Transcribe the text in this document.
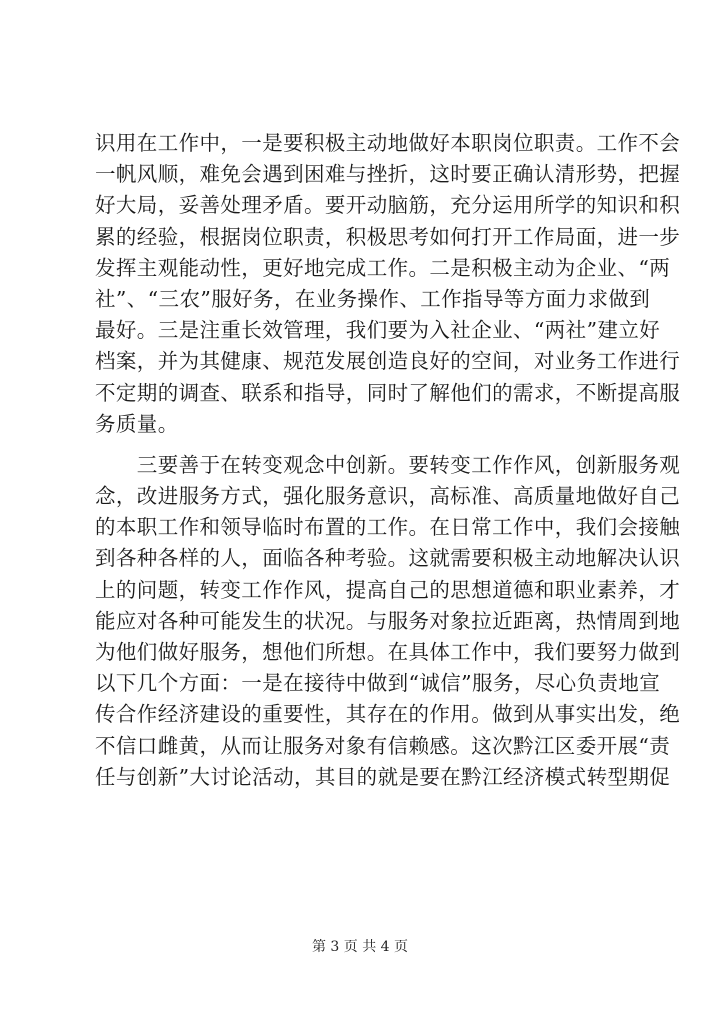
识用在工作中，一是要积极主动地做好本职岗位职责。工作不会
一帆风顺，难免会遇到困难与挫折，这时要正确认清形势，把握
好大局，妥善处理矛盾。要开动脑筋，充分运用所学的知识和积
累的经验，根据岗位职责，积极思考如何打开工作局面，进一步
发挥主观能动性，更好地完成工作。二是积极主动为企业、“两
社”、“三农”服好务，在业务操作、工作指导等方面力求做到
最好。三是注重长效管理，我们要为入社企业、“两社”建立好
档案，并为其健康、规范发展创造良好的空间，对业务工作进行
不定期的调查、联系和指导，同时了解他们的需求，不断提高服
务质量。
　　三要善于在转变观念中创新。要转变工作作风，创新服务观
念，改进服务方式，强化服务意识，高标准、高质量地做好自己
的本职工作和领导临时布置的工作。在日常工作中，我们会接触
到各种各样的人，面临各种考验。这就需要积极主动地解决认识
上的问题，转变工作作风，提高自己的思想道德和职业素养，才
能应对各种可能发生的状况。与服务对象拉近距离，热情周到地
为他们做好服务，想他们所想。在具体工作中，我们要努力做到
以下几个方面：一是在接待中做到“诚信”服务，尽心负责地宣
传合作经济建设的重要性，其存在的作用。做到从事实出发，绝
不信口雌黄，从而让服务对象有信赖感。这次黔江区委开展“责
任与创新”大讨论活动，其目的就是要在黔江经济模式转型期促
第 3 页 共 4 页
